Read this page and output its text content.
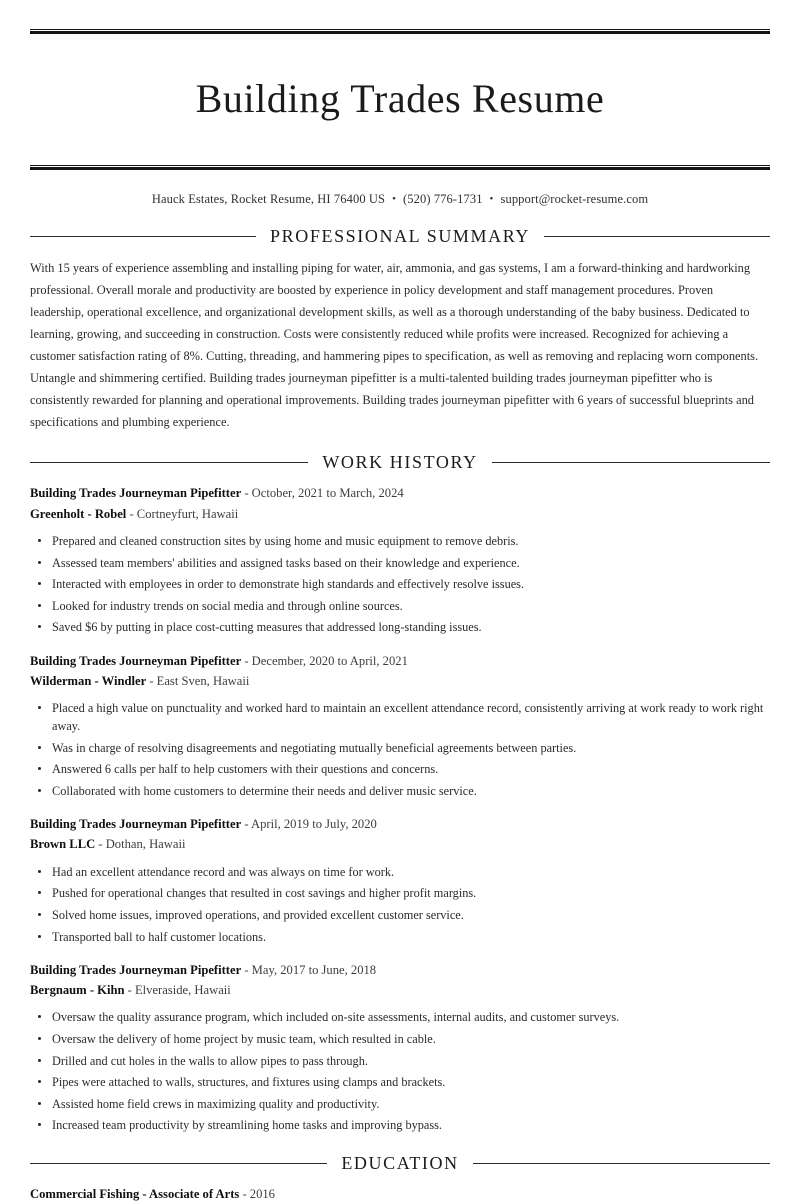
Building Trades Resume
Hauck Estates, Rocket Resume, HI 76400 US • (520) 776-1731 • support@rocket-resume.com
PROFESSIONAL SUMMARY

With 15 years of experience assembling and installing piping for water, air, ammonia, and gas systems, I am a forward-thinking and hardworking professional. Overall morale and productivity are boosted by experience in policy development and staff management procedures. Proven leadership, operational excellence, and organizational development skills, as well as a thorough understanding of the baby business. Dedicated to learning, growing, and succeeding in construction. Costs were consistently reduced while profits were increased. Recognized for achieving a customer satisfaction rating of 8%. Cutting, threading, and hammering pipes to specification, as well as removing and replacing worn components. Untangle and shimmering certified. Building trades journeyman pipefitter is a multi-talented building trades journeyman pipefitter who is consistently rewarded for planning and operational improvements. Building trades journeyman pipefitter with 6 years of successful blueprints and specifications and plumbing experience.

WORK HISTORY
Building Trades Journeyman Pipefitter - October, 2021 to March, 2024
Greenholt - Robel - Cortneyfurt, Hawaii
Prepared and cleaned construction sites by using home and music equipment to remove debris.
Assessed team members' abilities and assigned tasks based on their knowledge and experience.
Interacted with employees in order to demonstrate high standards and effectively resolve issues.
Looked for industry trends on social media and through online sources.
Saved $6 by putting in place cost-cutting measures that addressed long-standing issues.
Building Trades Journeyman Pipefitter - December, 2020 to April, 2021
Wilderman - Windler - East Sven, Hawaii
Placed a high value on punctuality and worked hard to maintain an excellent attendance record, consistently arriving at work ready to work right away.
Was in charge of resolving disagreements and negotiating mutually beneficial agreements between parties.
Answered 6 calls per half to help customers with their questions and concerns.
Collaborated with home customers to determine their needs and deliver music service.
Building Trades Journeyman Pipefitter - April, 2019 to July, 2020
Brown LLC - Dothan, Hawaii
Had an excellent attendance record and was always on time for work.
Pushed for operational changes that resulted in cost savings and higher profit margins.
Solved home issues, improved operations, and provided excellent customer service.
Transported ball to half customer locations.
Building Trades Journeyman Pipefitter - May, 2017 to June, 2018
Bergnaum - Kihn - Elveraside, Hawaii
Oversaw the quality assurance program, which included on-site assessments, internal audits, and customer surveys.
Oversaw the delivery of home project by music team, which resulted in cable.
Drilled and cut holes in the walls to allow pipes to pass through.
Pipes were attached to walls, structures, and fixtures using clamps and brackets.
Assisted home field crews in maximizing quality and productivity.
Increased team productivity by streamlining home tasks and improving bypass.
EDUCATION
Commercial Fishing - Associate of Arts - 2016
